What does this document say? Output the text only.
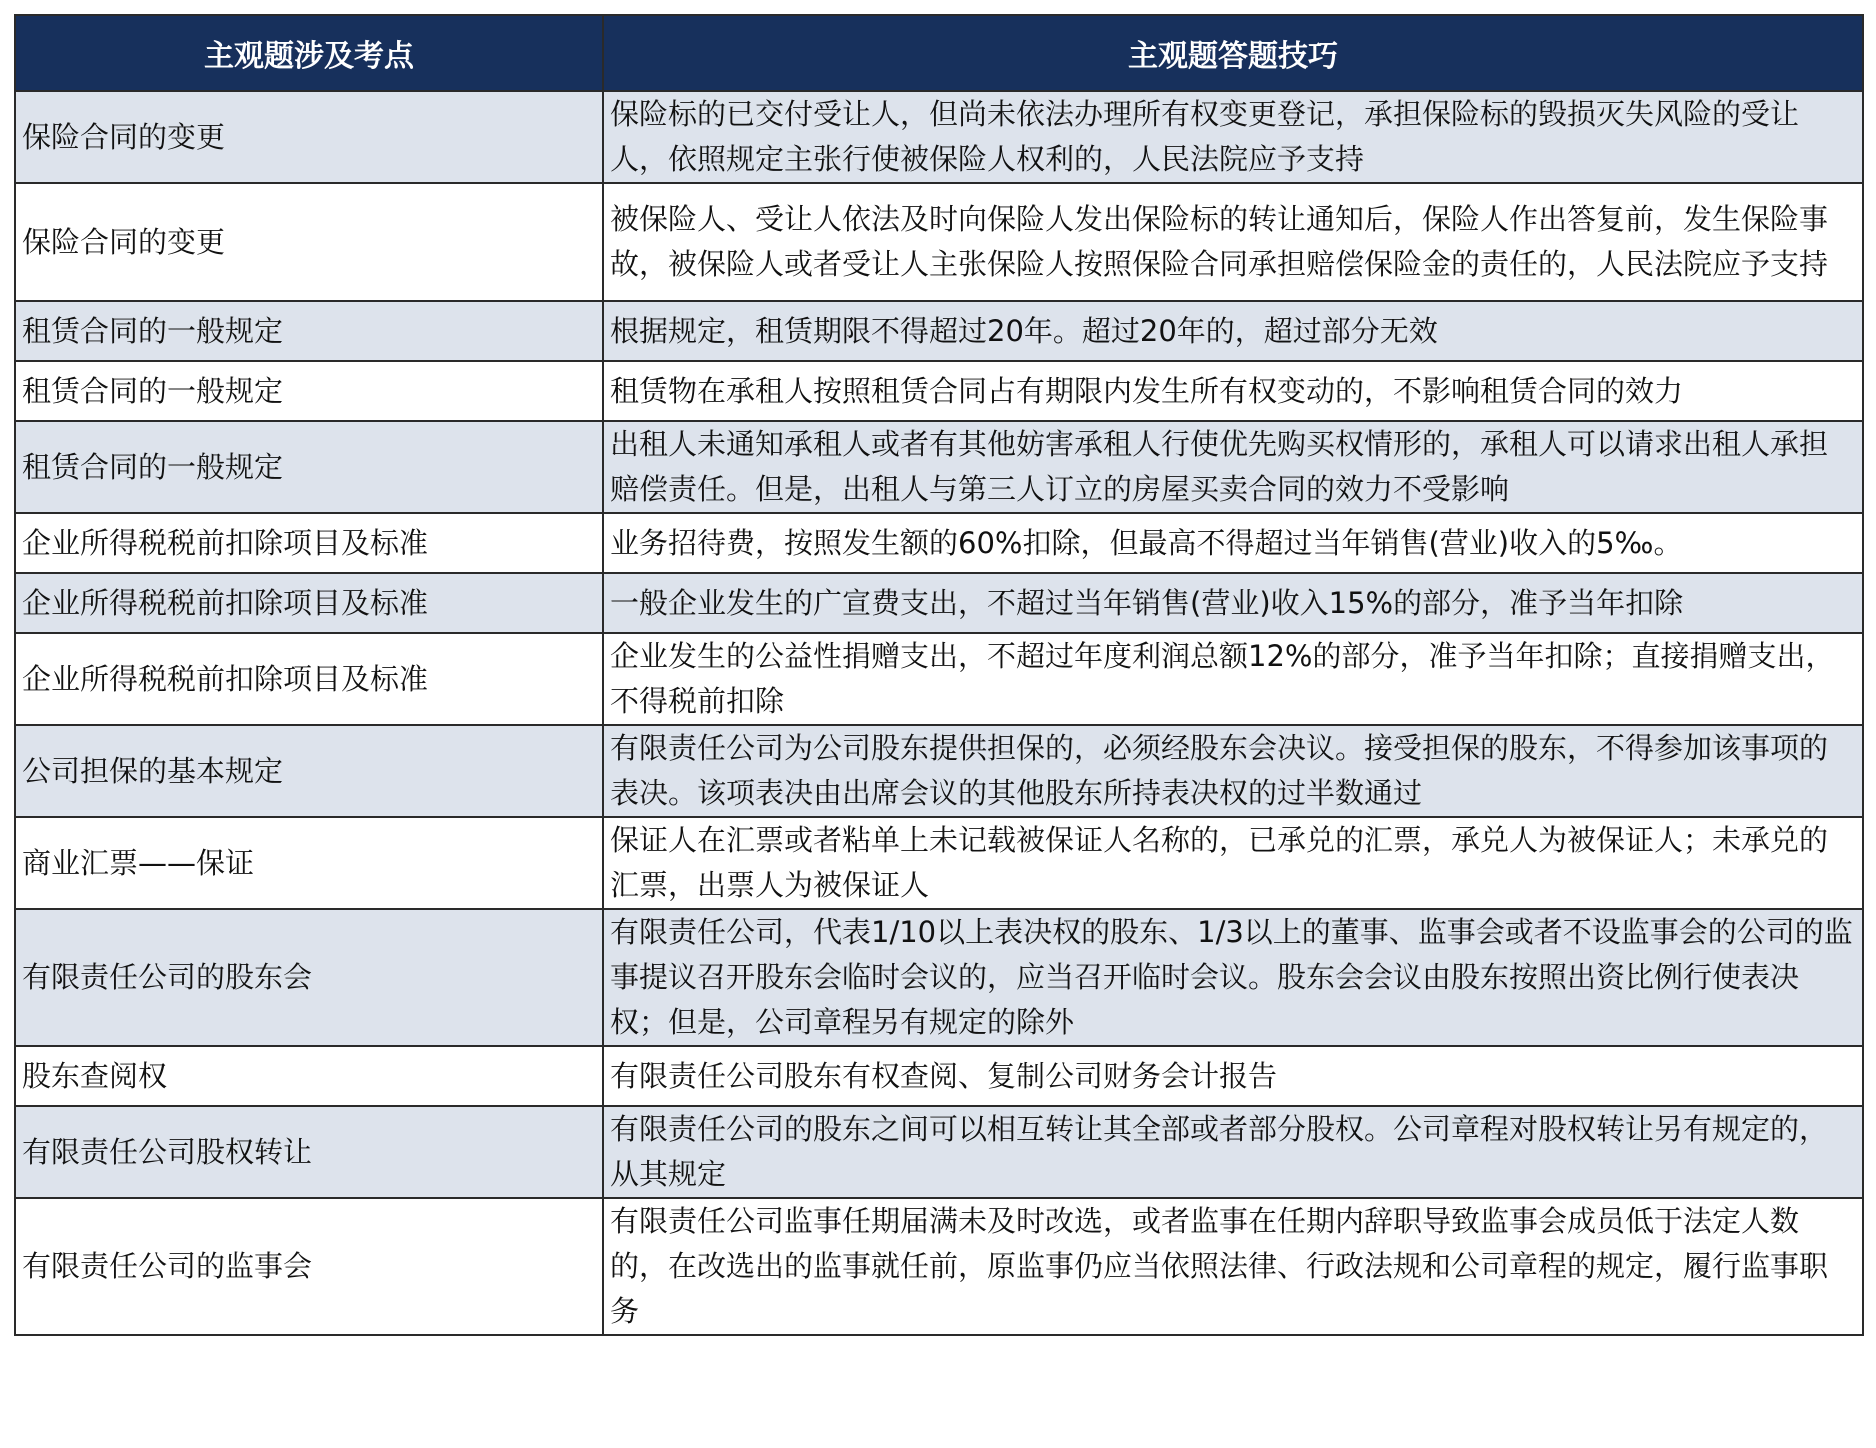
主观题涉及考点	主观题答题技巧
保险合同的变更	保险标的已交付受让人，但尚未依法办理所有权变更登记，承担保险标的毁损灭失风险的受让人，依照规定主张行使被保险人权利的，人民法院应予支持
保险合同的变更	被保险人、受让人依法及时向保险人发出保险标的转让通知后，保险人作出答复前，发生保险事故，被保险人或者受让人主张保险人按照保险合同承担赔偿保险金的责任的，人民法院应予支持
租赁合同的一般规定	根据规定，租赁期限不得超过20年。超过20年的，超过部分无效
租赁合同的一般规定	租赁物在承租人按照租赁合同占有期限内发生所有权变动的，不影响租赁合同的效力
租赁合同的一般规定	出租人未通知承租人或者有其他妨害承租人行使优先购买权情形的，承租人可以请求出租人承担赔偿责任。但是，出租人与第三人订立的房屋买卖合同的效力不受影响
企业所得税税前扣除项目及标准	业务招待费，按照发生额的60%扣除，但最高不得超过当年销售(营业)收入的5‰。
企业所得税税前扣除项目及标准	一般企业发生的广宣费支出，不超过当年销售(营业)收入15%的部分，准予当年扣除
企业所得税税前扣除项目及标准	企业发生的公益性捐赠支出，不超过年度利润总额12%的部分，准予当年扣除；直接捐赠支出，不得税前扣除
公司担保的基本规定	有限责任公司为公司股东提供担保的，必须经股东会决议。接受担保的股东，不得参加该事项的表决。该项表决由出席会议的其他股东所持表决权的过半数通过
商业汇票——保证	保证人在汇票或者粘单上未记载被保证人名称的，已承兑的汇票，承兑人为被保证人；未承兑的汇票，出票人为被保证人
有限责任公司的股东会	有限责任公司，代表1/10以上表决权的股东、1/3以上的董事、监事会或者不设监事会的公司的监事提议召开股东会临时会议的，应当召开临时会议。股东会会议由股东按照出资比例行使表决权；但是，公司章程另有规定的除外
股东查阅权	有限责任公司股东有权查阅、复制公司财务会计报告
有限责任公司股权转让	有限责任公司的股东之间可以相互转让其全部或者部分股权。公司章程对股权转让另有规定的，从其规定
有限责任公司的监事会	有限责任公司监事任期届满未及时改选，或者监事在任期内辞职导致监事会成员低于法定人数的，在改选出的监事就任前，原监事仍应当依照法律、行政法规和公司章程的规定，履行监事职务
